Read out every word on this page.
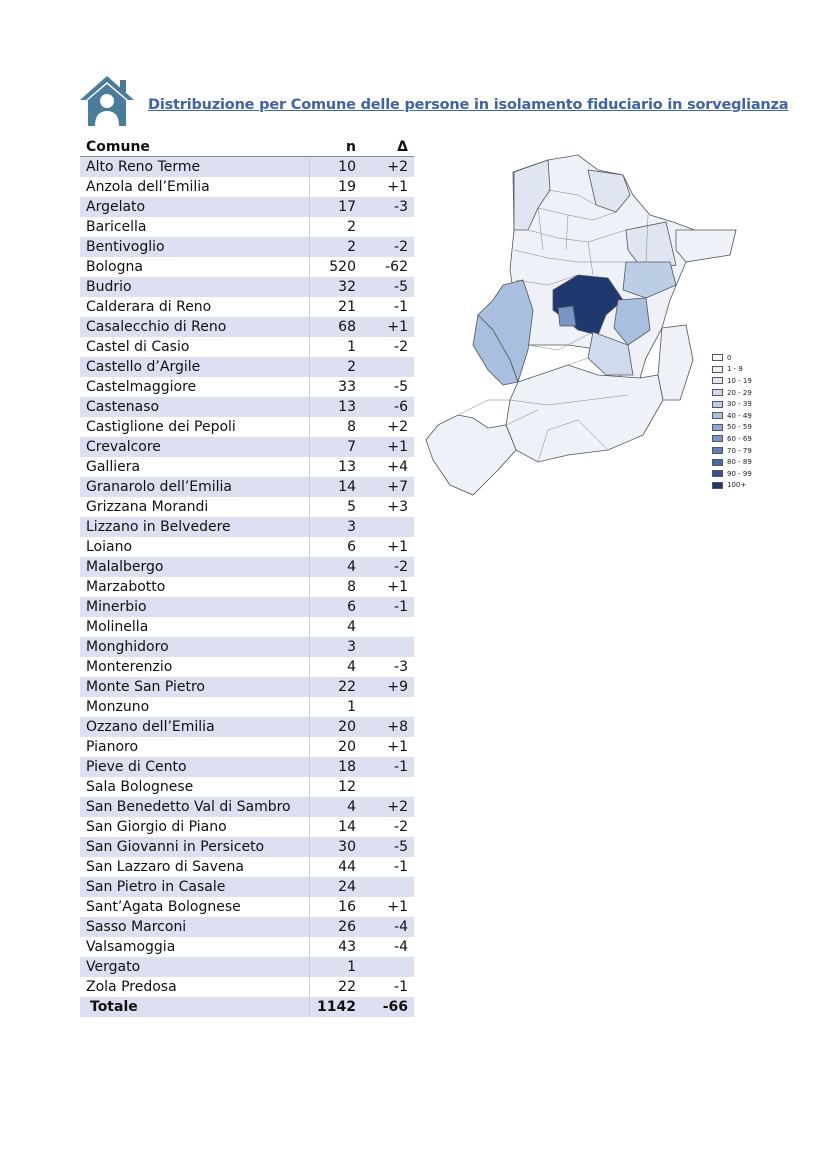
Distribuzione per Comune delle persone in isolamento fiduciario in sorveglianza
Comune	n	Δ
Alto Reno Terme	10	+2
Anzola dell’Emilia	19	+1
Argelato	17	-3
Baricella	2	
Bentivoglio	2	-2
Bologna	520	-62
Budrio	32	-5
Calderara di Reno	21	-1
Casalecchio di Reno	68	+1
Castel di Casio	1	-2
Castello d’Argile	2	
Castelmaggiore	33	-5
Castenaso	13	-6
Castiglione dei Pepoli	8	+2
Crevalcore	7	+1
Galliera	13	+4
Granarolo dell’Emilia	14	+7
Grizzana Morandi	5	+3
Lizzano in Belvedere	3	
Loiano	6	+1
Malalbergo	4	-2
Marzabotto	8	+1
Minerbio	6	-1
Molinella	4	
Monghidoro	3	
Monterenzio	4	-3
Monte San Pietro	22	+9
Monzuno	1	
Ozzano dell’Emilia	20	+8
Pianoro	20	+1
Pieve di Cento	18	-1
Sala Bolognese	12	
San Benedetto Val di Sambro	4	+2
San Giorgio di Piano	14	-2
San Giovanni in Persiceto	30	-5
San Lazzaro di Savena	44	-1
San Pietro in Casale	24	
Sant’Agata Bolognese	16	+1
Sasso Marconi	26	-4
Valsamoggia	43	-4
Vergato	1	
Zola Predosa	22	-1
Totale	1142	-66
0
1 - 9
10 - 19
20 - 29
30 - 39
40 - 49
50 - 59
60 - 69
70 - 79
80 - 89
90 - 99
100+
